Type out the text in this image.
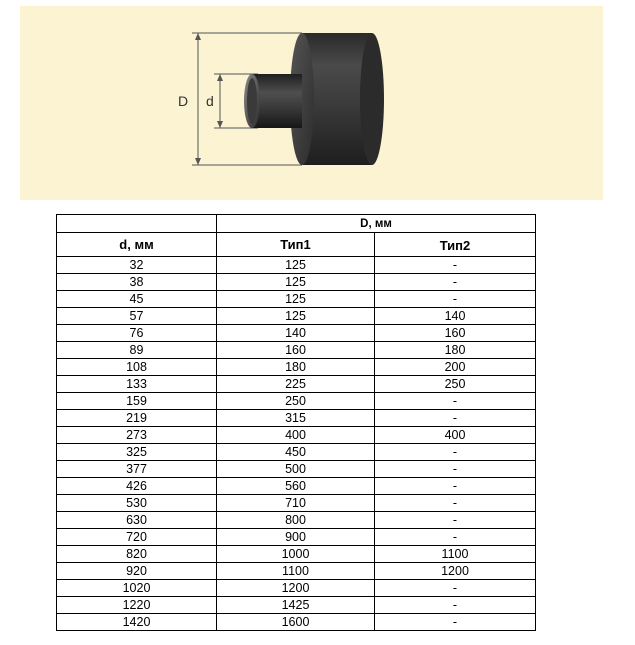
D d
	D, мм	
d, мм	Тип1	Тип2
32	125	-
38	125	-
45	125	-
57	125	140
76	140	160
89	160	180
108	180	200
133	225	250
159	250	-
219	315	-
273	400	400
325	450	-
377	500	-
426	560	-
530	710	-
630	800	-
720	900	-
820	1000	1100
920	1100	1200
1020	1200	-
1220	1425	-
1420	1600	-
